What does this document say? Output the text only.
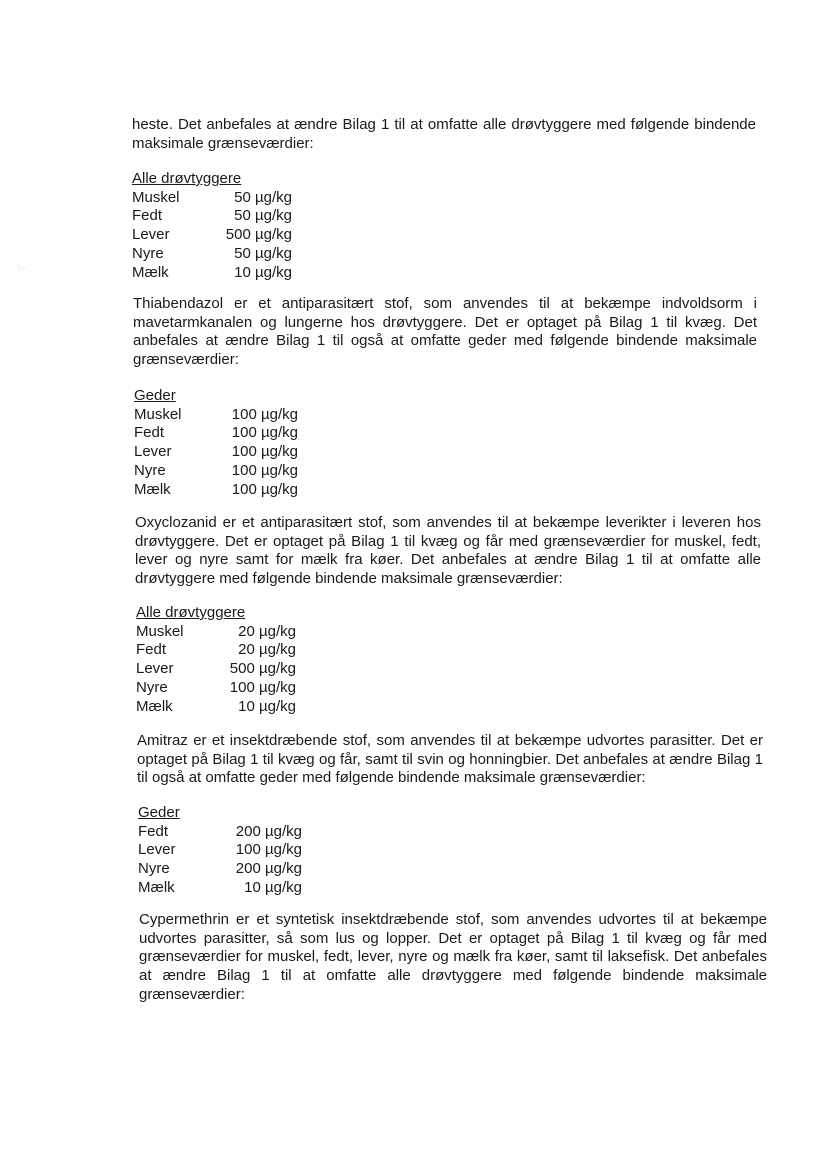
ʼᵢ ..
heste. Det anbefales at ændre Bilag 1 til at omfatte alle drøvtyggere med følgende bindende maksimale grænseværdier:
Alle drøvtyggere
Muskel	50 µg/kg
Fedt	50 µg/kg
Lever	500 µg/kg
Nyre	50 µg/kg
Mælk	10 µg/kg
Thiabendazol er et antiparasitært stof, som anvendes til at bekæmpe indvoldsorm i mavetarmkanalen og lungerne hos drøvtyggere. Det er optaget på Bilag 1 til kvæg. Det anbefales at ændre Bilag 1 til også at omfatte geder med følgende bindende maksimale grænseværdier:
Geder
Muskel	100 µg/kg
Fedt	100 µg/kg
Lever	100 µg/kg
Nyre	100 µg/kg
Mælk	100 µg/kg
Oxyclozanid er et antiparasitært stof, som anvendes til at bekæmpe leverikter i leveren hos drøvtyggere. Det er optaget på Bilag 1 til kvæg og får med grænseværdier for muskel, fedt, lever og nyre samt for mælk fra køer. Det anbefales at ændre Bilag 1 til at omfatte alle drøvtyggere med følgende bindende maksimale grænseværdier:
Alle drøvtyggere
Muskel	20 µg/kg
Fedt	20 µg/kg
Lever	500 µg/kg
Nyre	100 µg/kg
Mælk	10 µg/kg
Amitraz er et insektdræbende stof, som anvendes til at bekæmpe udvortes parasitter. Det er optaget på Bilag 1 til kvæg og får, samt til svin og honningbier. Det anbefales at ændre Bilag 1 til også at omfatte geder med følgende bindende maksimale grænseværdier:
Geder
Fedt	200 µg/kg
Lever	100 µg/kg
Nyre	200 µg/kg
Mælk	10 µg/kg
Cypermethrin er et syntetisk insektdræbende stof, som anvendes udvortes til at bekæmpe udvortes parasitter, så som lus og lopper. Det er optaget på Bilag 1 til kvæg og får med grænseværdier for muskel, fedt, lever, nyre og mælk fra køer, samt til laksefisk. Det anbefales at ændre Bilag 1 til at omfatte alle drøvtyggere med følgende bindende maksimale grænseværdier:
